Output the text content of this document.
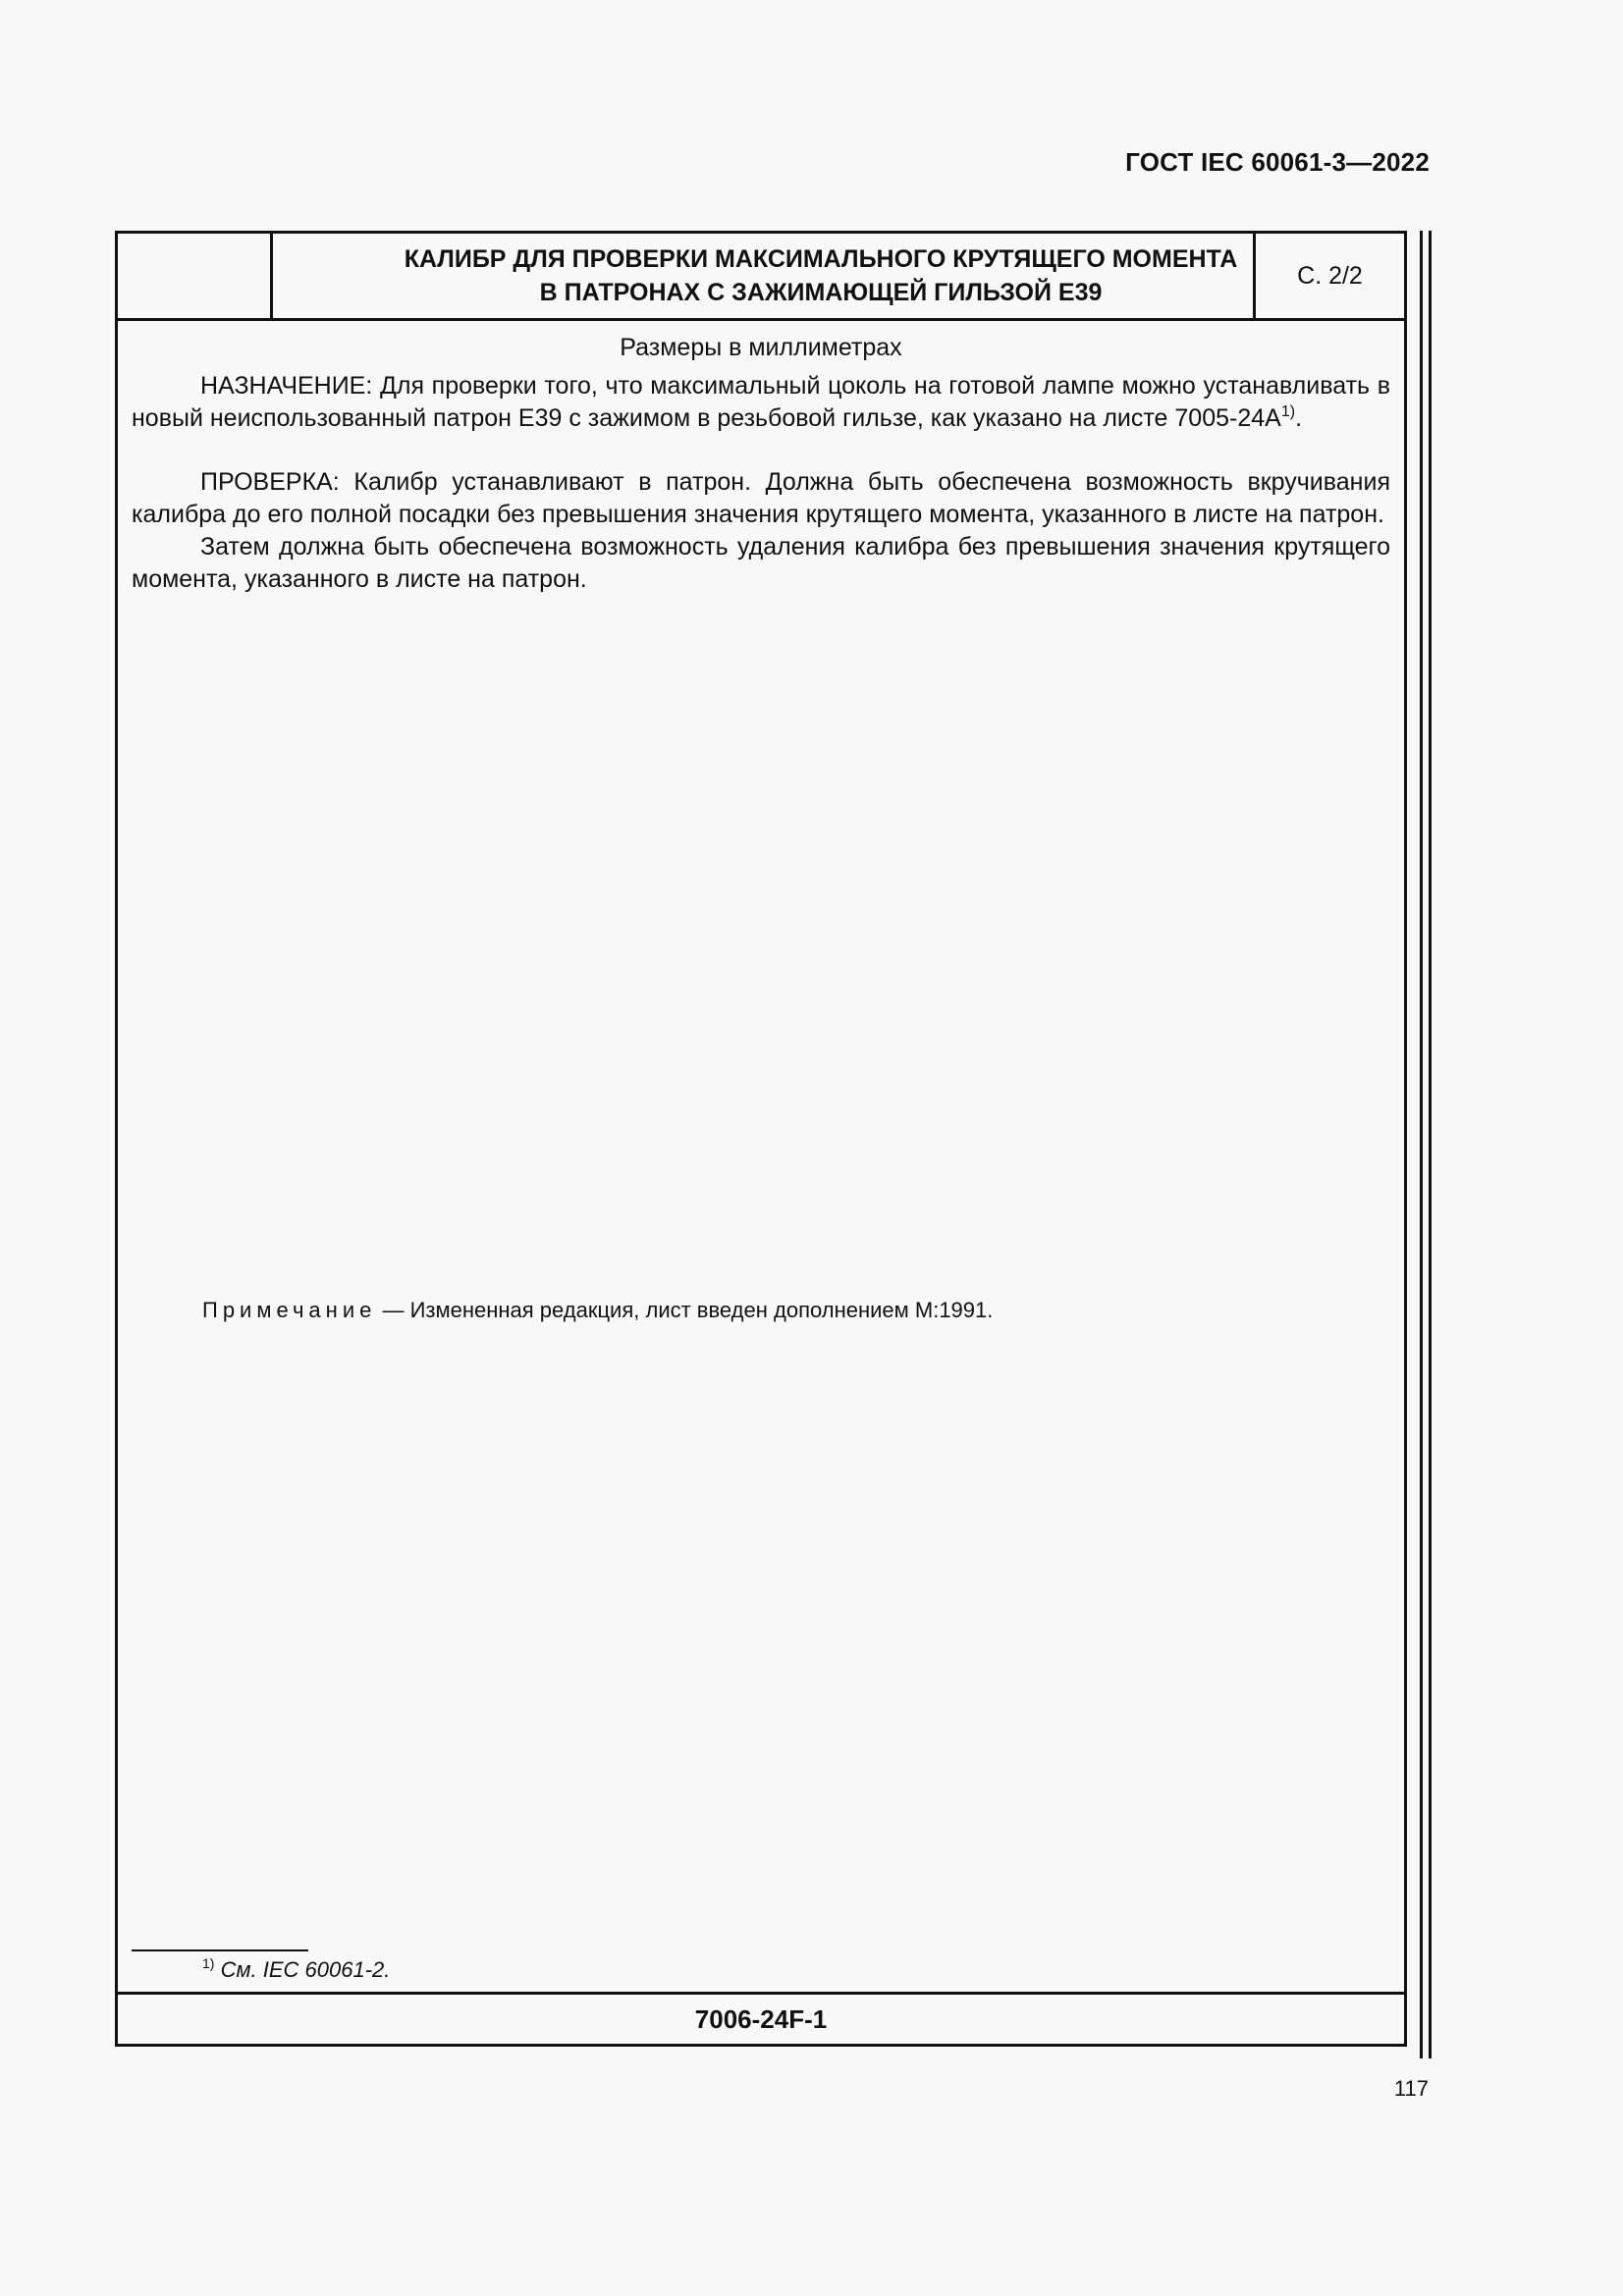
ГОСТ IEC 60061-3—2022
КАЛИБР ДЛЯ ПРОВЕРКИ МАКСИМАЛЬНОГО КРУТЯЩЕГО МОМЕНТА
В ПАТРОНАХ С ЗАЖИМАЮЩЕЙ ГИЛЬЗОЙ E39
С. 2/2

Размеры в миллиметрах

НАЗНАЧЕНИЕ: Для проверки того, что максимальный цоколь на готовой лампе можно устанавливать в новый неиспользованный патрон E39 с зажимом в резьбовой гильзе, как указано на листе $7005-24A^{1)}$.

ПРОВЕРКА: Калибр устанавливают в патрон. Должна быть обеспечена возможность вкручивания калибра до его полной посадки без превышения значения крутящего момента, указанного в листе на патрон.

Затем должна быть обеспечена возможность удаления калибра без превышения значения крутящего момента, указанного в листе на патрон.

Примечание — Измененная редакция, лист введен дополнением M:1991.
$^{1)}$ См. IEC 60061-2.
7006-24F-1
117
